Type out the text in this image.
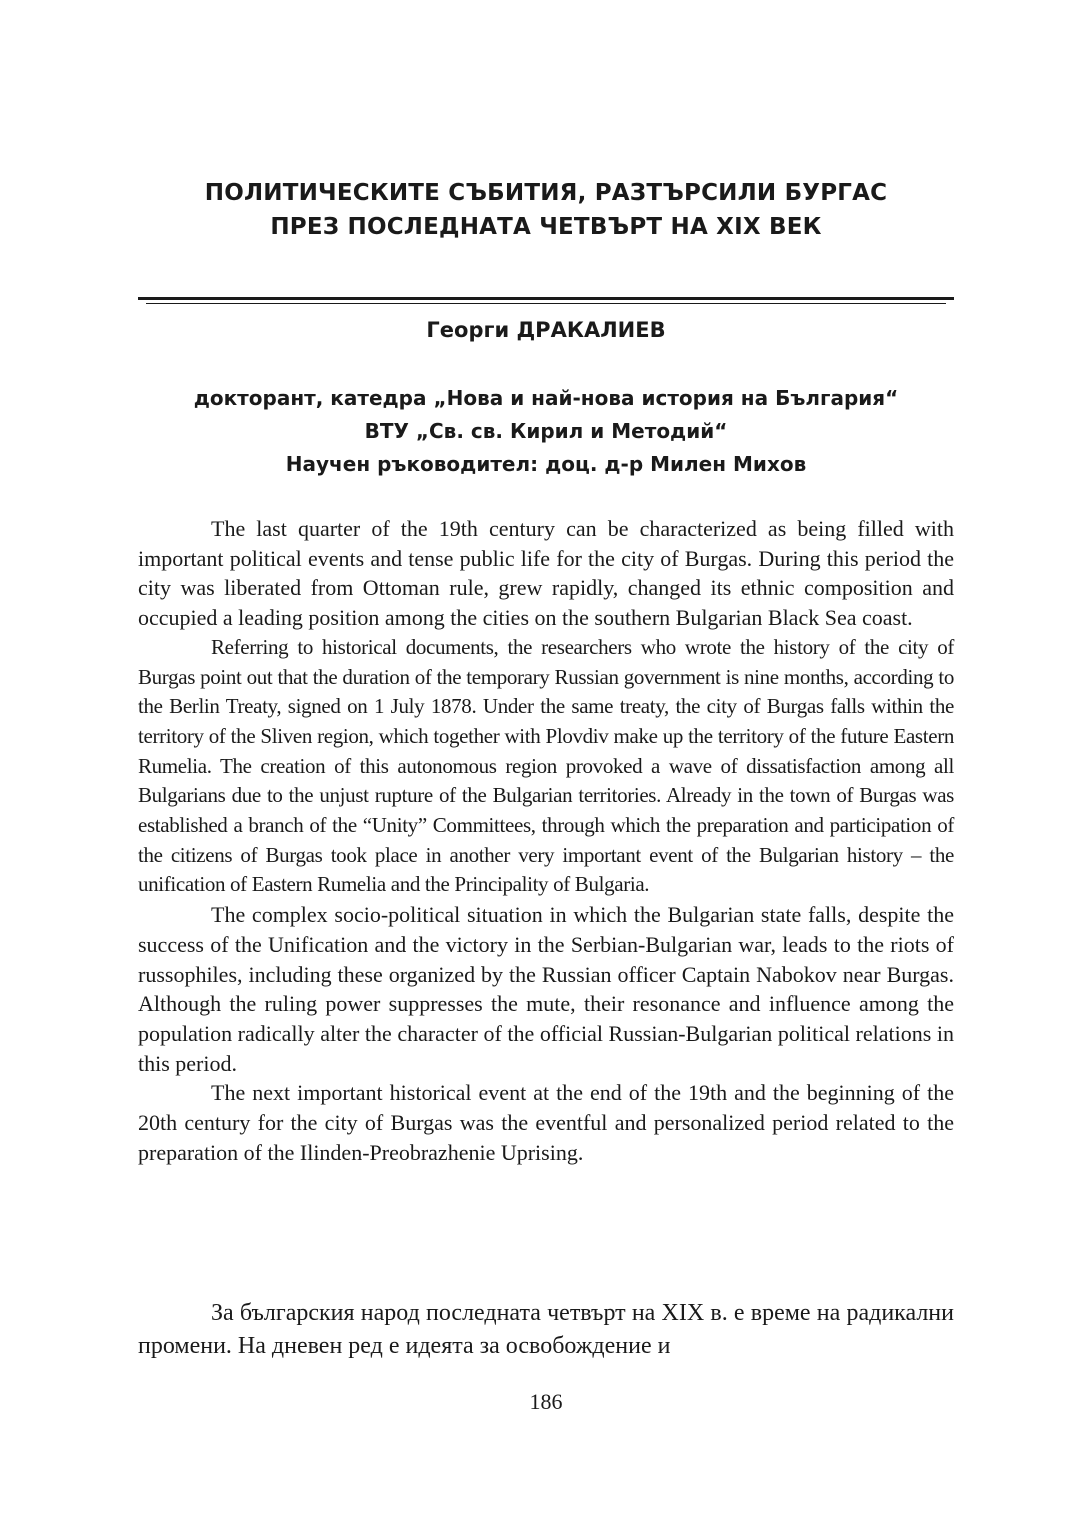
ПОЛИТИЧЕСКИТЕ СЪБИТИЯ, РАЗТЪРСИЛИ БУРГАС
ПРЕЗ ПОСЛЕДНАТА ЧЕТВЪРТ НА XIX ВЕК
Георги ДРАКАЛИЕВ
докторант, катедра „Нова и най-нова история на България“
ВТУ „Св. св. Кирил и Методий“
Научен ръководител: доц. д-р Милен Михов

The last quarter of the 19th century can be characterized as being filled with important political events and tense public life for the city of Burgas. During this period the city was liberated from Ottoman rule, grew rapidly, changed its ethnic composition and occupied a leading position among the cities on the southern Bulgarian Black Sea coast.

Referring to historical documents, the researchers who wrote the history of the city of Burgas point out that the duration of the temporary Russian government is nine months, according to the Berlin Treaty, signed on 1 July 1878. Under the same treaty, the city of Burgas falls within the territory of the Sliven region, which together with Plovdiv make up the territory of the future Eastern Rumelia. The creation of this autonomous region provoked a wave of dissatisfaction among all Bulgarians due to the unjust rupture of the Bulgarian territories. Already in the town of Burgas was established a branch of the “Unity” Committees, through which the preparation and participation of the citizens of Burgas took place in another very important event of the Bulgarian history – the unification of Eastern Rumelia and the Principality of Bulgaria.

The complex socio-political situation in which the Bulgarian state falls, despite the success of the Unification and the victory in the Serbian-Bulgarian war, leads to the riots of russophiles, including these organized by the Russian officer Captain Nabokov near Burgas. Although the ruling power suppresses the mute, their resonance and influence among the population radically alter the character of the official Russian-Bulgarian political relations in this period.

The next important historical event at the end of the 19th and the beginning of the 20th century for the city of Burgas was the eventful and personalized period related to the preparation of the Ilinden-Preobrazhenie Uprising.

За българския народ последната четвърт на XIX в. е време на радикални промени. На дневен ред е идеята за освобождение и

186
